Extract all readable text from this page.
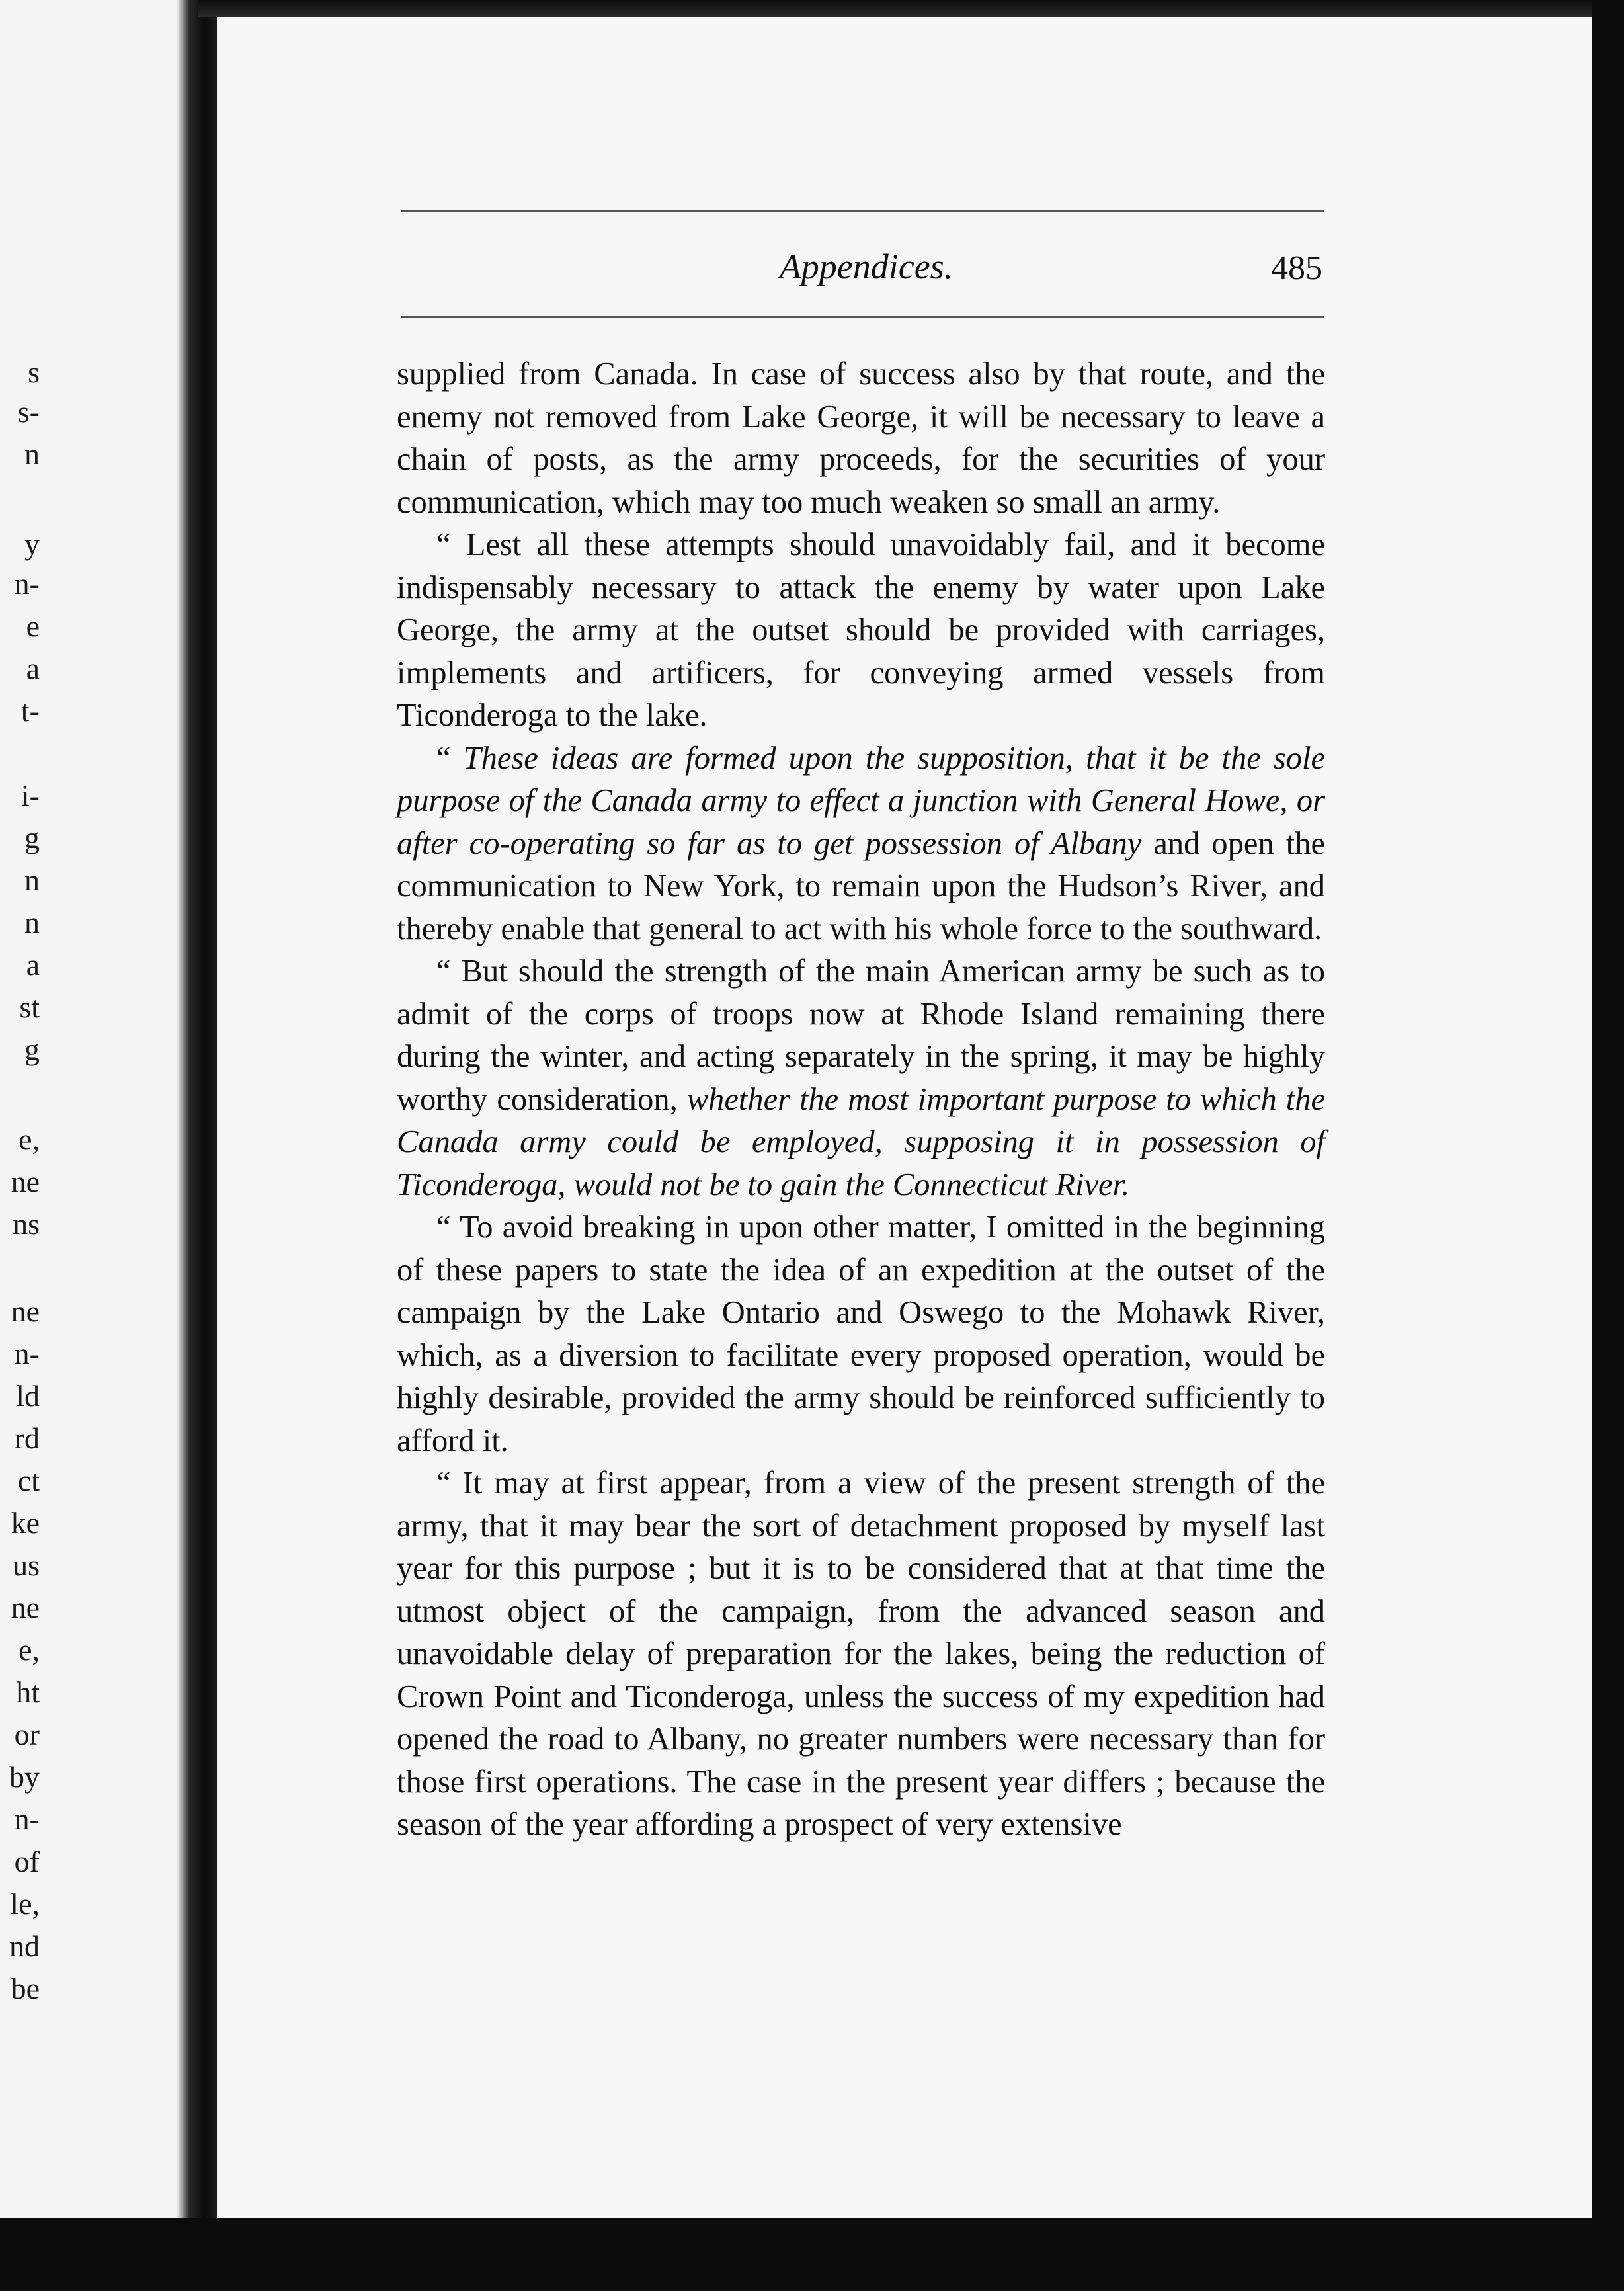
s
s-
n
y
n-
e
a
t-
i-
g
n
n
a
st
g
e,
ne
ns
ne
n-
ld
rd
ct
ke
us
ne
e,
ht
or
by
n-
of
le,
nd
be
Appendices.	485

supplied from Canada. In case of success also by that route, and the enemy not removed from Lake George, it will be necessary to leave a chain of posts, as the army proceeds, for the securities of your communication, which may too much weaken so small an army.

“ Lest all these attempts should unavoidably fail, and it become indispensably necessary to attack the enemy by water upon Lake George, the army at the outset should be provided with carriages, implements and artificers, for conveying armed vessels from Ticonderoga to the lake.

“ These ideas are formed upon the supposition, that it be the sole purpose of the Canada army to effect a junction with General Howe, or after co-operating so far as to get possession of Albany and open the communication to New York, to remain upon the Hudson’s River, and thereby enable that general to act with his whole force to the southward.

“ But should the strength of the main American army be such as to admit of the corps of troops now at Rhode Island remaining there during the winter, and acting separately in the spring, it may be highly worthy consideration, whether the most important purpose to which the Canada army could be employed, supposing it in possession of Ticonderoga, would not be to gain the Connecticut River.

“ To avoid breaking in upon other matter, I omitted in the beginning of these papers to state the idea of an expedition at the outset of the campaign by the Lake Ontario and Oswego to the Mohawk River, which, as a diversion to facilitate every proposed operation, would be highly desirable, provided the army should be reinforced sufficiently to afford it.

“ It may at first appear, from a view of the present strength of the army, that it may bear the sort of detachment proposed by myself last year for this purpose ; but it is to be considered that at that time the utmost object of the campaign, from the advanced season and unavoidable delay of preparation for the lakes, being the reduction of Crown Point and Ticonderoga, unless the success of my expedition had opened the road to Albany, no greater numbers were necessary than for those first operations. The case in the present year differs ; because the season of the year affording a prospect of very extensive
